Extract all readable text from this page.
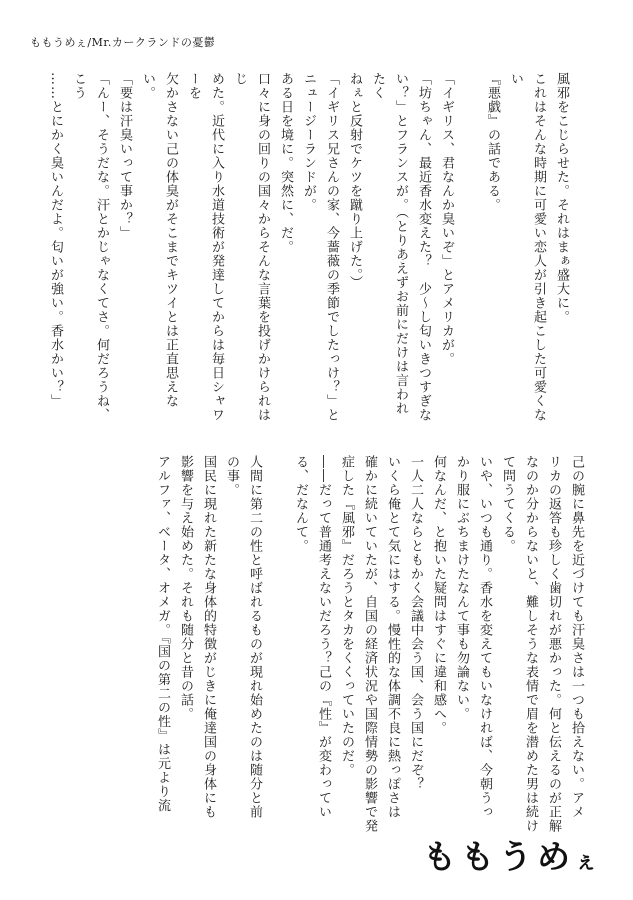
ももうめぇ/Mr.カークランドの憂鬱

風邪をこじらせた。それはまぁ盛大に。

これはそんな時期に可愛い恋人が引き起こした可愛くない

『悪戯』の話である。

「イギリス、君なんか臭いぞ」とアメリカが。

「坊ちゃん、最近香水変えた？　少～し匂いきつすぎな

い？」とフランスが。（とりあえずお前にだけは言われたく

ねぇと反射でケツを蹴り上げた。）

「イギリス兄さんの家、今薔薇の季節でしたっけ？」と

ニュージーランドが。

ある日を境に。突然に、だ。

口々に身の回りの国々からそんな言葉を投げかけられはじ

めた。近代に入り水道技術が発達してからは毎日シャワーを

欠かさない己の体臭がそこまでキツイとは正直思えない。

「要は汗臭いって事か？」

「んー、そうだな。汗とかじゃなくてさ。何だろうね、こう

……とにかく臭いんだよ。匂いが強い。香水かい？」

己の腕に鼻先を近づけても汗臭さは一つも拾えない。アメ

リカの返答も珍しく歯切れが悪かった。何と伝えるのが正解

なのか分からないと、難しそうな表情で眉を潜めた男は続け

て問うてくる。

いや、いつも通り。香水を変えてもいなければ、今朝うっ

かり服にぶちまけたなんて事も勿論ない。

何なんだ、と抱いた疑問はすぐに違和感へ。

一人二人ならともかく会議中会う国、会う国にだぞ？

いくら俺とて気にはする。慢性的な体調不良に熱っぽさは

確かに続いていたが、自国の経済状況や国際情勢の影響で発

症した『風邪』だろうとタカをくくっていたのだ。

――だって普通考えないだろう？己の『性』が変わってい

る、だなんて。

人間に第二の性と呼ばれるものが現れ始めたのは随分と前

の事。

国民に現れた新たな身体的特徴がじきに俺達国の身体にも

影響を与え始めた。それも随分と昔の話。

アルファ、ベータ、オメガ。『国の第二の性』は元より流

ももうめぇ
